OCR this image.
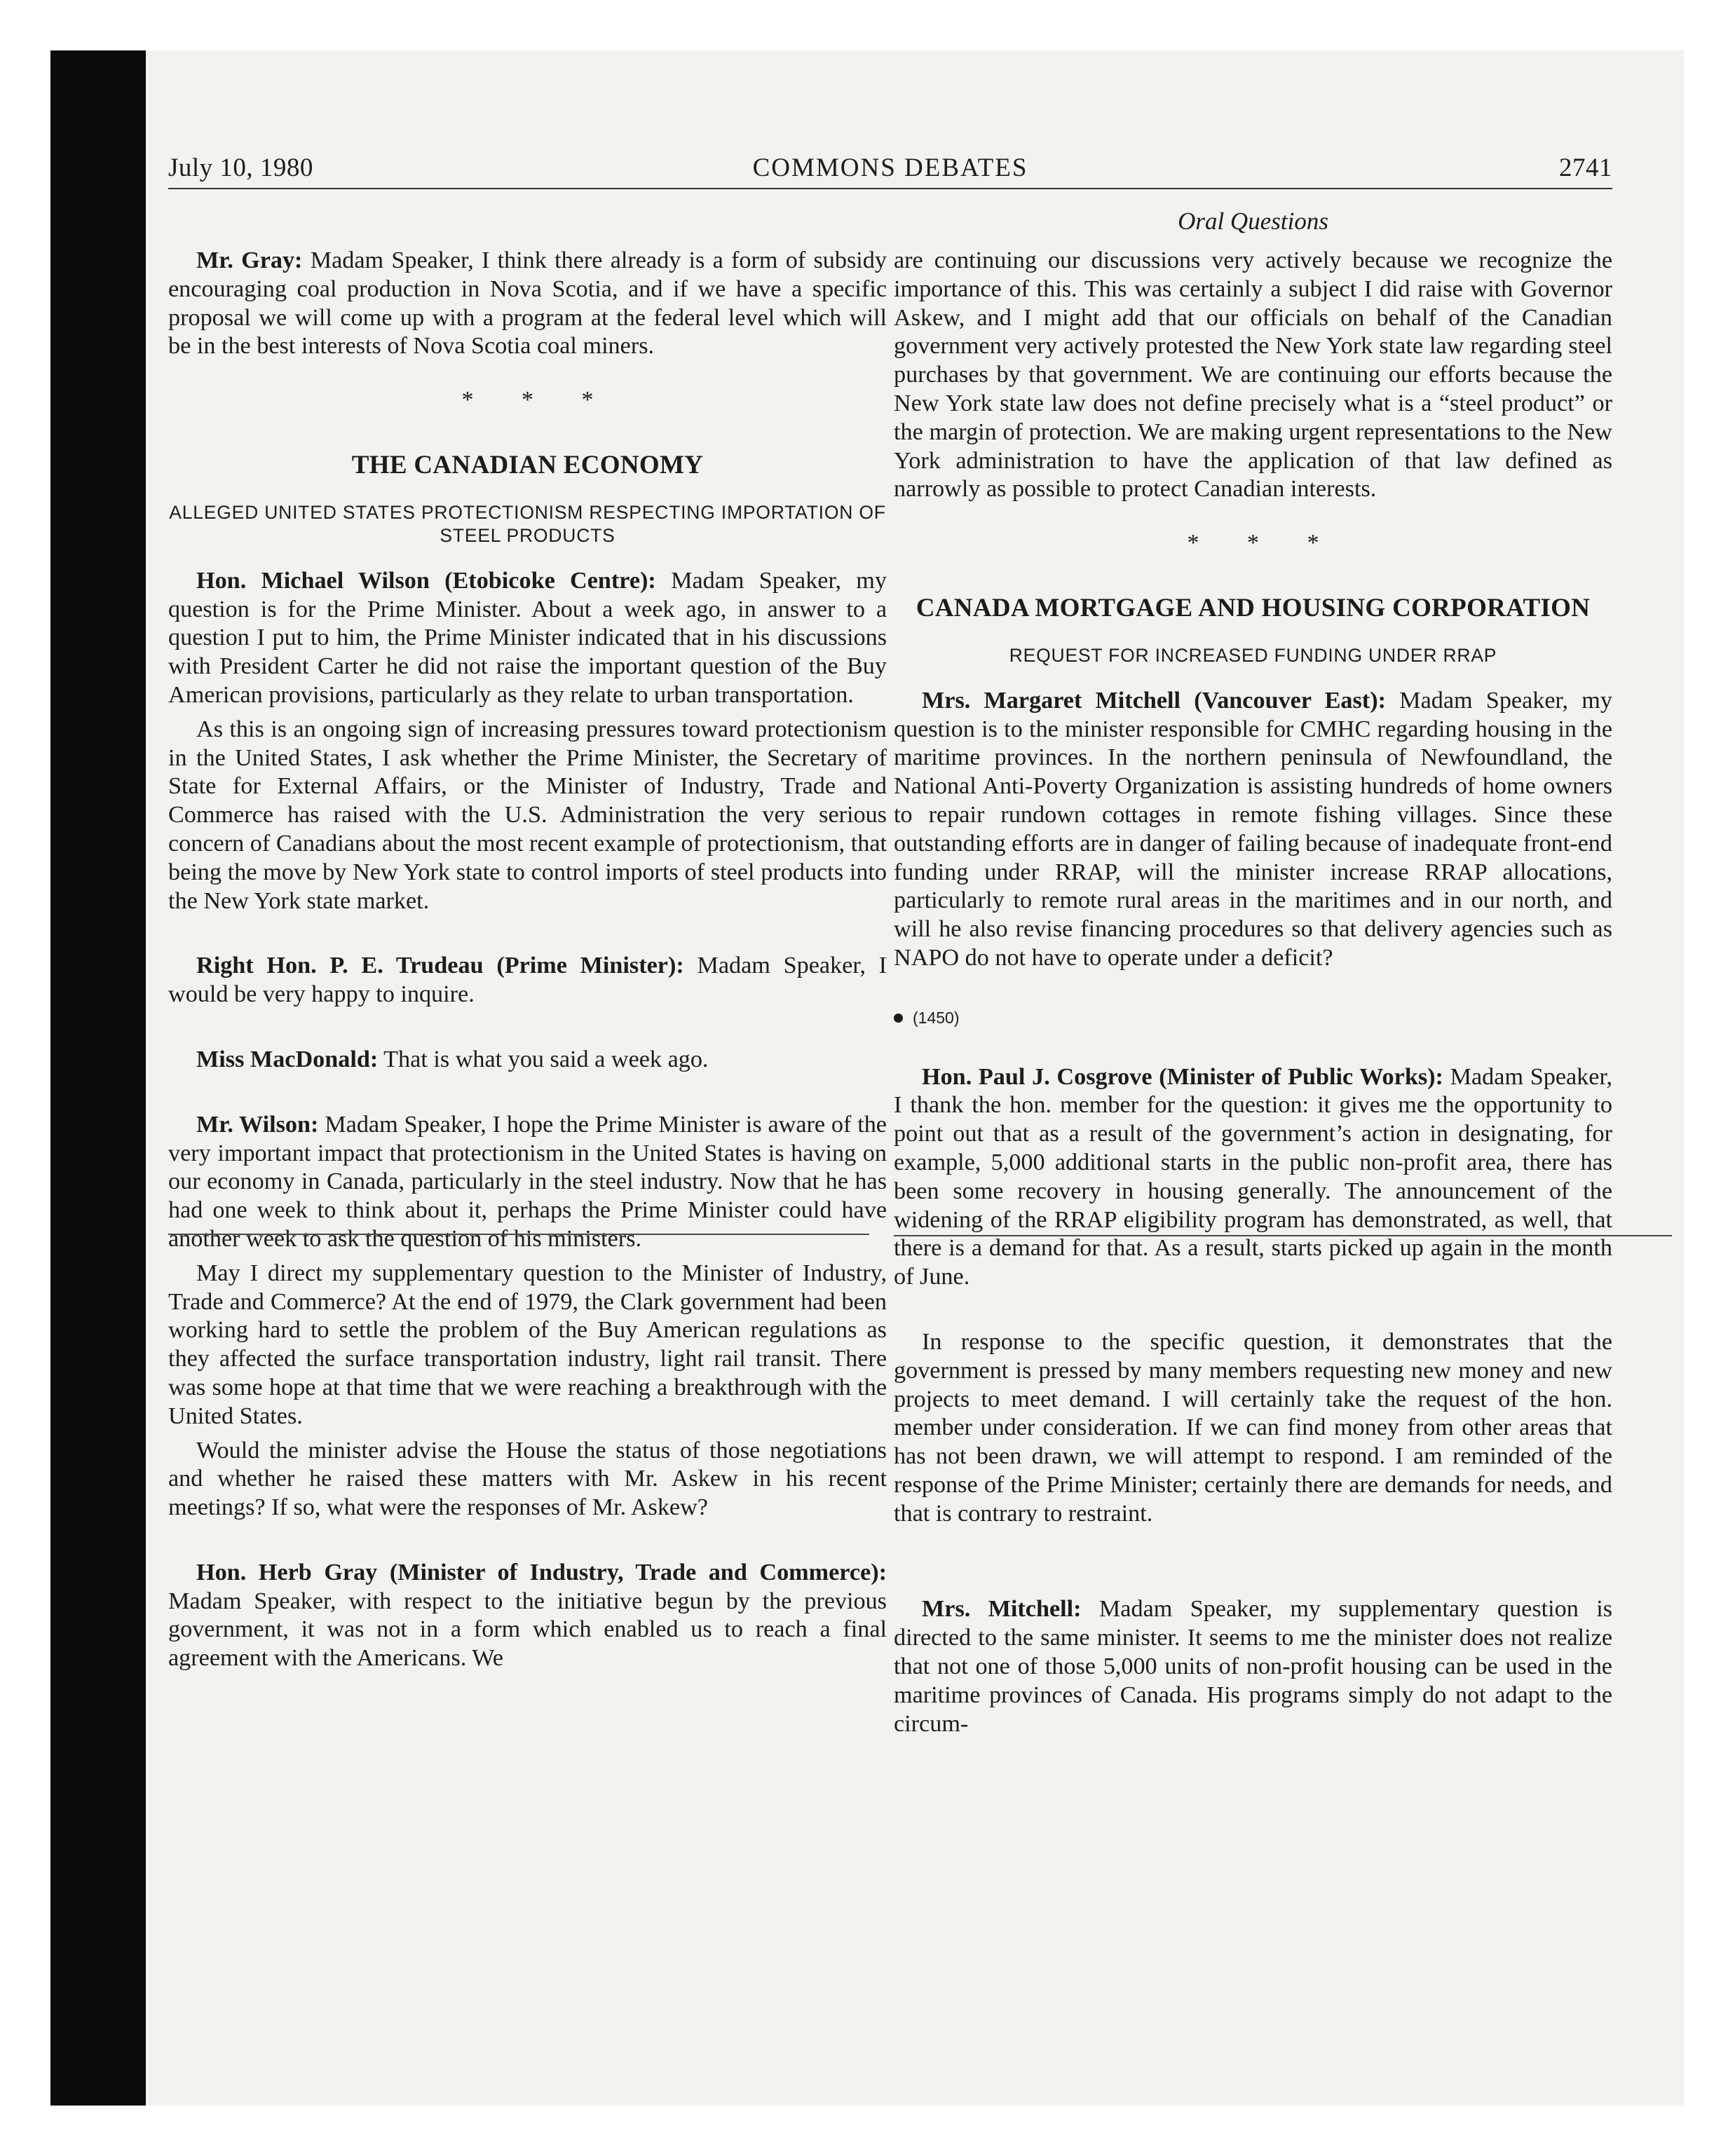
July 10, 1980	COMMONS DEBATES	2741
Oral Questions

Mr. Gray: Madam Speaker, I think there already is a form of subsidy encouraging coal production in Nova Scotia, and if we have a specific proposal we will come up with a program at the federal level which will be in the best interests of Nova Scotia coal miners.

* * *
THE CANADIAN ECONOMY
ALLEGED UNITED STATES PROTECTIONISM RESPECTING IMPORTATION OF STEEL PRODUCTS

Hon. Michael Wilson (Etobicoke Centre): Madam Speaker, my question is for the Prime Minister. About a week ago, in answer to a question I put to him, the Prime Minister indicated that in his discussions with President Carter he did not raise the important question of the Buy American provisions, particularly as they relate to urban transportation.

As this is an ongoing sign of increasing pressures toward protectionism in the United States, I ask whether the Prime Minister, the Secretary of State for External Affairs, or the Minister of Industry, Trade and Commerce has raised with the U.S. Administration the very serious concern of Canadians about the most recent example of protectionism, that being the move by New York state to control imports of steel products into the New York state market.

Right Hon. P. E. Trudeau (Prime Minister): Madam Speaker, I would be very happy to inquire.

Miss MacDonald: That is what you said a week ago.

Mr. Wilson: Madam Speaker, I hope the Prime Minister is aware of the very important impact that protectionism in the United States is having on our economy in Canada, particularly in the steel industry. Now that he has had one week to think about it, perhaps the Prime Minister could have another week to ask the question of his ministers.

May I direct my supplementary question to the Minister of Industry, Trade and Commerce? At the end of 1979, the Clark government had been working hard to settle the problem of the Buy American regulations as they affected the surface transportation industry, light rail transit. There was some hope at that time that we were reaching a breakthrough with the United States.

Would the minister advise the House the status of those negotiations and whether he raised these matters with Mr. Askew in his recent meetings? If so, what were the responses of Mr. Askew?

Hon. Herb Gray (Minister of Industry, Trade and Commerce): Madam Speaker, with respect to the initiative begun by the previous government, it was not in a form which enabled us to reach a final agreement with the Americans. We

are continuing our discussions very actively because we recognize the importance of this. This was certainly a subject I did raise with Governor Askew, and I might add that our officials on behalf of the Canadian government very actively protested the New York state law regarding steel purchases by that government. We are continuing our efforts because the New York state law does not define precisely what is a “steel product” or the margin of protection. We are making urgent representations to the New York administration to have the application of that law defined as narrowly as possible to protect Canadian interests.

* * *
CANADA MORTGAGE AND HOUSING CORPORATION
REQUEST FOR INCREASED FUNDING UNDER RRAP

Mrs. Margaret Mitchell (Vancouver East): Madam Speaker, my question is to the minister responsible for CMHC regarding housing in the maritime provinces. In the northern peninsula of Newfoundland, the National Anti-Poverty Organization is assisting hundreds of home owners to repair rundown cottages in remote fishing villages. Since these outstanding efforts are in danger of failing because of inadequate front-end funding under RRAP, will the minister increase RRAP allocations, particularly to remote rural areas in the maritimes and in our north, and will he also revise financing procedures so that delivery agencies such as NAPO do not have to operate under a deficit?

(1450)

Hon. Paul J. Cosgrove (Minister of Public Works): Madam Speaker, I thank the hon. member for the question: it gives me the opportunity to point out that as a result of the government’s action in designating, for example, 5,000 additional starts in the public non-profit area, there has been some recovery in housing generally. The announcement of the widening of the RRAP eligibility program has demonstrated, as well, that there is a demand for that. As a result, starts picked up again in the month of June.

In response to the specific question, it demonstrates that the government is pressed by many members requesting new money and new projects to meet demand. I will certainly take the request of the hon. member under consideration. If we can find money from other areas that has not been drawn, we will attempt to respond. I am reminded of the response of the Prime Minister; certainly there are demands for needs, and that is contrary to restraint.

Mrs. Mitchell: Madam Speaker, my supplementary question is directed to the same minister. It seems to me the minister does not realize that not one of those 5,000 units of non-profit housing can be used in the maritime provinces of Canada. His programs simply do not adapt to the circum-
